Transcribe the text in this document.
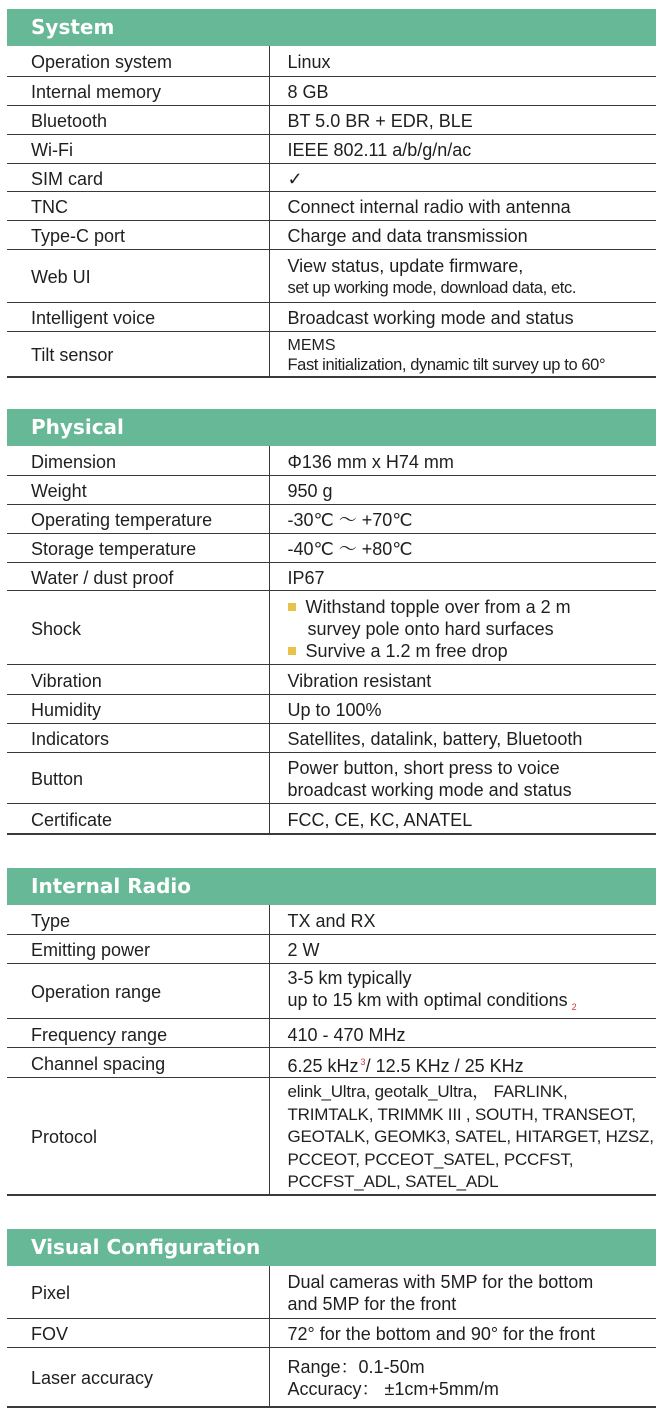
System
Operation system	Linux
Internal memory	8 GB
Bluetooth	BT 5.0 BR + EDR, BLE
Wi-Fi	IEEE 802.11 a/b/g/n/ac
SIM card	✓
TNC	Connect internal radio with antenna
Type-C port	Charge and data transmission
Web UI	View status, update firmware,
set up working mode, download data, etc.

Intelligent voice	Broadcast working mode and status
Tilt sensor	MEMS
Fast initialization, dynamic tilt survey up to 60°
Physical
Dimension	Φ136 mm x H74 mm
Weight	950 g
Operating temperature	-30℃ ～ +70℃
Storage temperature	-40℃ ～ +80℃
Water / dust proof	IP67
Shock	Withstand topple over from a 2 m
survey pole onto hard surfaces
Survive a 1.2 m free drop

Vibration	Vibration resistant
Humidity	Up to 100%
Indicators	Satellites, datalink, battery, Bluetooth
Button	Power button, short press to voice
broadcast working mode and status

Certificate	FCC, CE, KC, ANATEL
Internal Radio
Type	TX and RX
Emitting power	2 W
Operation range	3-5 km typically
up to 15 km with optimal conditions $_2$

Frequency range	410 - 470 MHz
Channel spacing	6.25 kHz $^3$/ 12.5 KHz / 25 KHz
Protocol	elink_Ultra, geotalk_Ultra， FARLINK,
TRIMTALK, TRIMMK III , SOUTH, TRANSEOT,
GEOTALK, GEOMK3, SATEL, HITARGET, HZSZ,
PCCEOT, PCCEOT_SATEL, PCCFST,
PCCFST_ADL, SATEL_ADL
Visual Configuration
Pixel	Dual cameras with 5MP for the bottom
and 5MP for the front

FOV	72° for the bottom and 90° for the front
Laser accuracy	Range：0.1-50m
Accuracy： ±1cm+5mm/m
